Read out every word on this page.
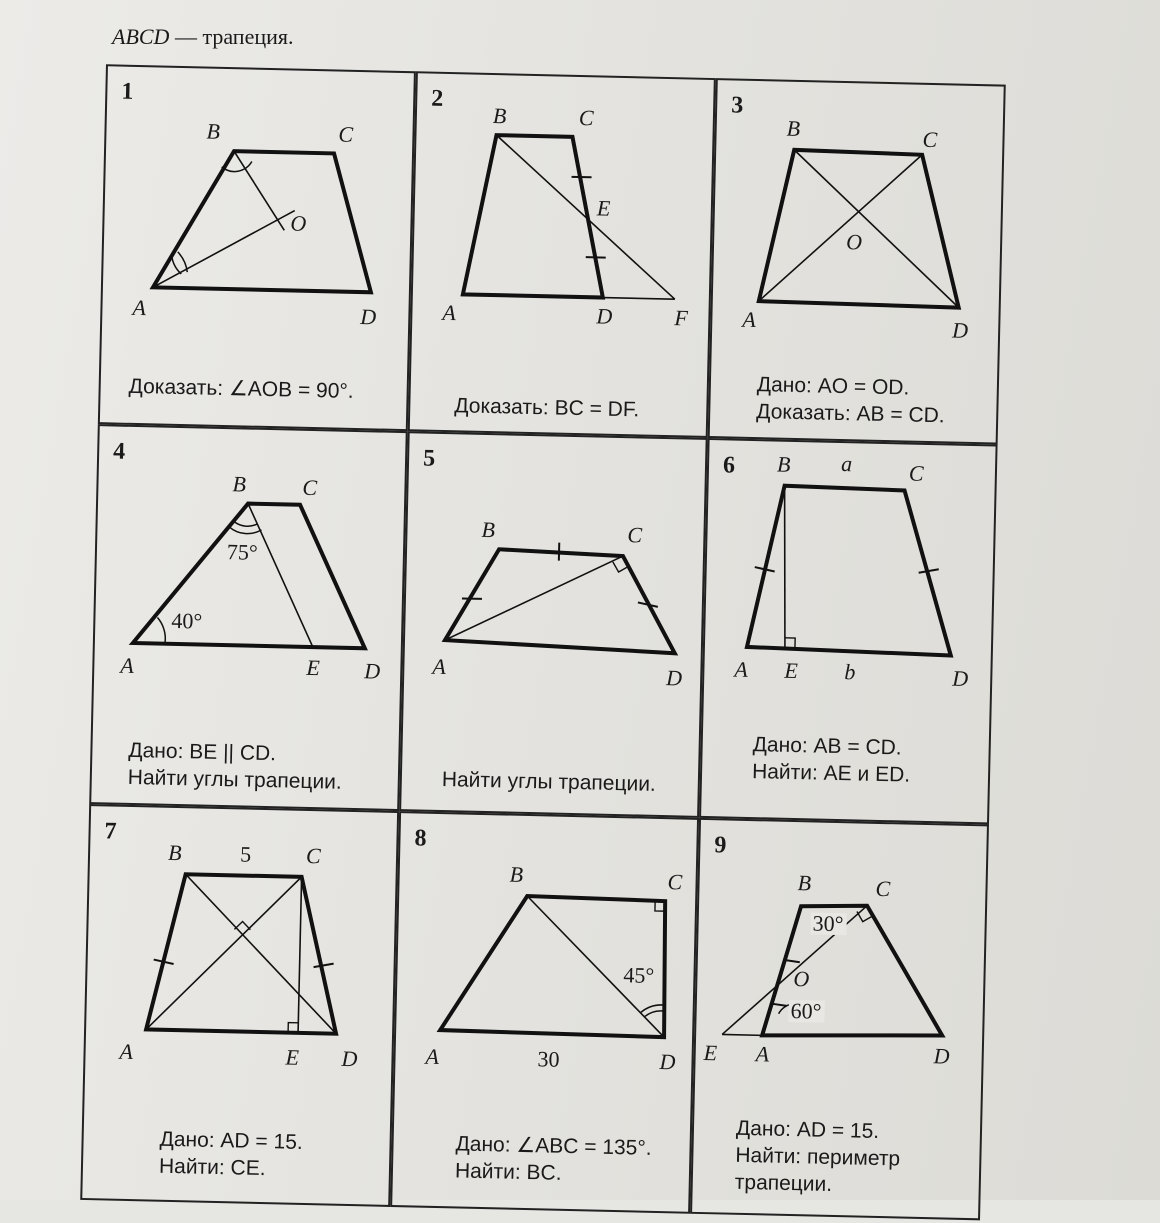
ABCD — трапеция.
1
B	C
A	D
O
Доказать: ∠AOB = 90°.
2
B	C
A	D
E
F
Доказать: BC = DF.
3
B	C
A	D
O
Дано: AO = OD.
Доказать: AB = CD.
4
75°
40°
B	C
A	E D
Дано: BE || CD.
Найти углы трапеции.
5
B	C
A	D
Найти углы трапеции.
6 B a	C
A E b	D
Дано: AB = CD.
Найти: AE и ED.
7
B	5 C
A	E D
Дано: AD = 15.
Найти: CE.
8
45°
B	C
A	30	D
Дано: ∠ABC = 135°.
Найти: BC.
9
30°
60°
O
B	C
E A	D
Дано: AD = 15.
Найти: периметр
трапеции.
